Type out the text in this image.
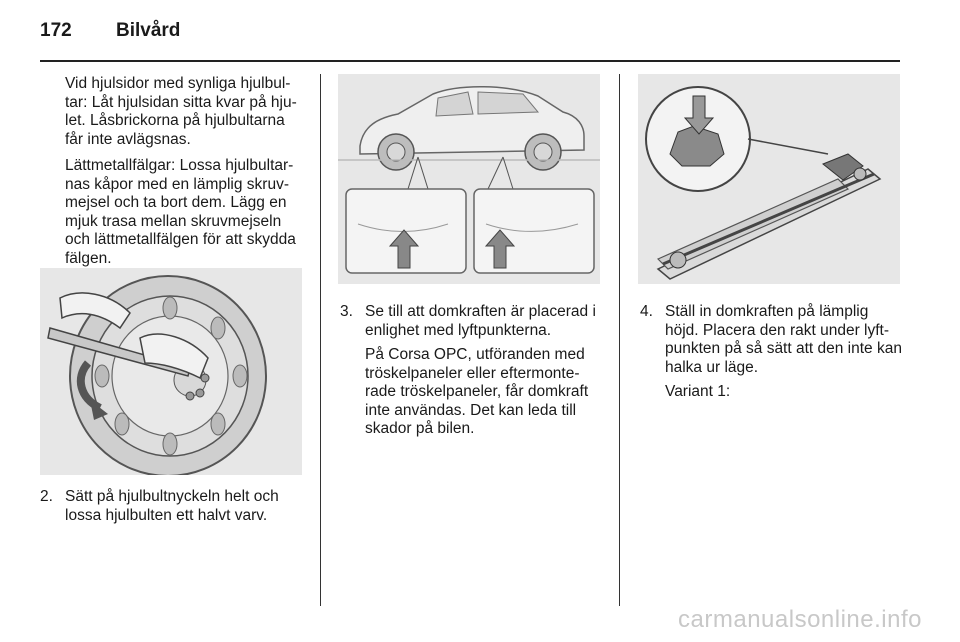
172 Bilvård

Vid hjulsidor med synliga hjulbul-
tar: Låt hjulsidan sitta kvar på hju-
let. Låsbrickorna på hjulbultarna
får inte avlägsnas.

Lättmetallfälgar: Lossa hjulbultar-
nas kåpor med en lämplig skruv-
mejsel och ta bort dem. Lägg en
mjuk trasa mellan skruvmejseln
och lättmetallfälgen för att skydda
fälgen.

2. Sätt på hjulbultnyckeln helt och
lossa hjulbulten ett halvt varv.
3. Se till att domkraften är placerad i
enlighet med lyftpunkterna.

På Corsa OPC, utföranden med
tröskelpaneler eller eftermonte-
rade tröskelpaneler, får domkraft
inte användas. Det kan leda till
skador på bilen.

4. Ställ in domkraften på lämplig
höjd. Placera den rakt under lyft-
punkten på så sätt att den inte kan
halka ur läge.

Variant 1:

carmanualsonline.info
